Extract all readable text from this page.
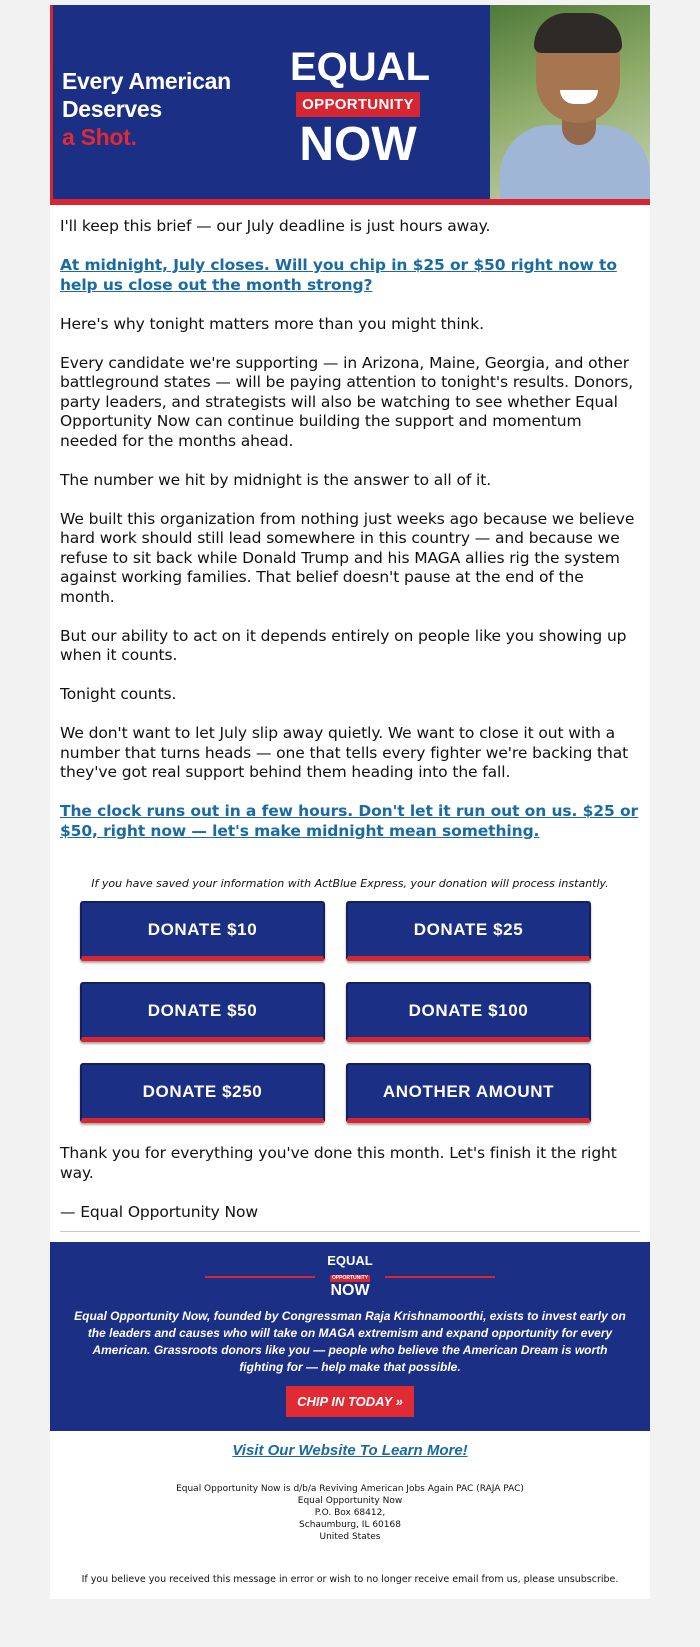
Every American
Deserves
a Shot.
EQUAL
OPPORTUNITY
NOW

I'll keep this brief — our July deadline is just hours away.

At midnight, July closes. Will you chip in $25 or $50 right now to help us close out the month strong?

Here's why tonight matters more than you might think.

Every candidate we're supporting — in Arizona, Maine, Georgia, and other battleground states — will be paying attention to tonight's results. Donors, party leaders, and strategists will also be watching to see whether Equal Opportunity Now can continue building the support and momentum needed for the months ahead.

The number we hit by midnight is the answer to all of it.

We built this organization from nothing just weeks ago because we believe hard work should still lead somewhere in this country — and because we refuse to sit back while Donald Trump and his MAGA allies rig the system against working families. That belief doesn't pause at the end of the month.

But our ability to act on it depends entirely on people like you showing up when it counts.

Tonight counts.

We don't want to let July slip away quietly. We want to close it out with a number that turns heads — one that tells every fighter we're backing that they've got real support behind them heading into the fall.

The clock runs out in a few hours. Don't let it run out on us. $25 or $50, right now — let's make midnight mean something.

If you have saved your information with ActBlue Express, your donation will process instantly.
DONATE $10	DONATE $25
DONATE $50	DONATE $100
DONATE $250	ANOTHER AMOUNT

Thank you for everything you've done this month. Let's finish it the right way.

— Equal Opportunity Now

EQUAL
OPPORTUNITY
NOW
Equal Opportunity Now, founded by Congressman Raja Krishnamoorthi, exists to invest early on the leaders and causes who will take on MAGA extremism and expand opportunity for every American. Grassroots donors like you — people who believe the American Dream is worth fighting for — help make that possible.
CHIP IN TODAY »
Visit Our Website To Learn More!
Equal Opportunity Now is d/b/a Reviving American Jobs Again PAC (RAJA PAC)
Equal Opportunity Now
P.O. Box 68412,
Schaumburg, IL 60168
United States
If you believe you received this message in error or wish to no longer receive email from us, please unsubscribe.
